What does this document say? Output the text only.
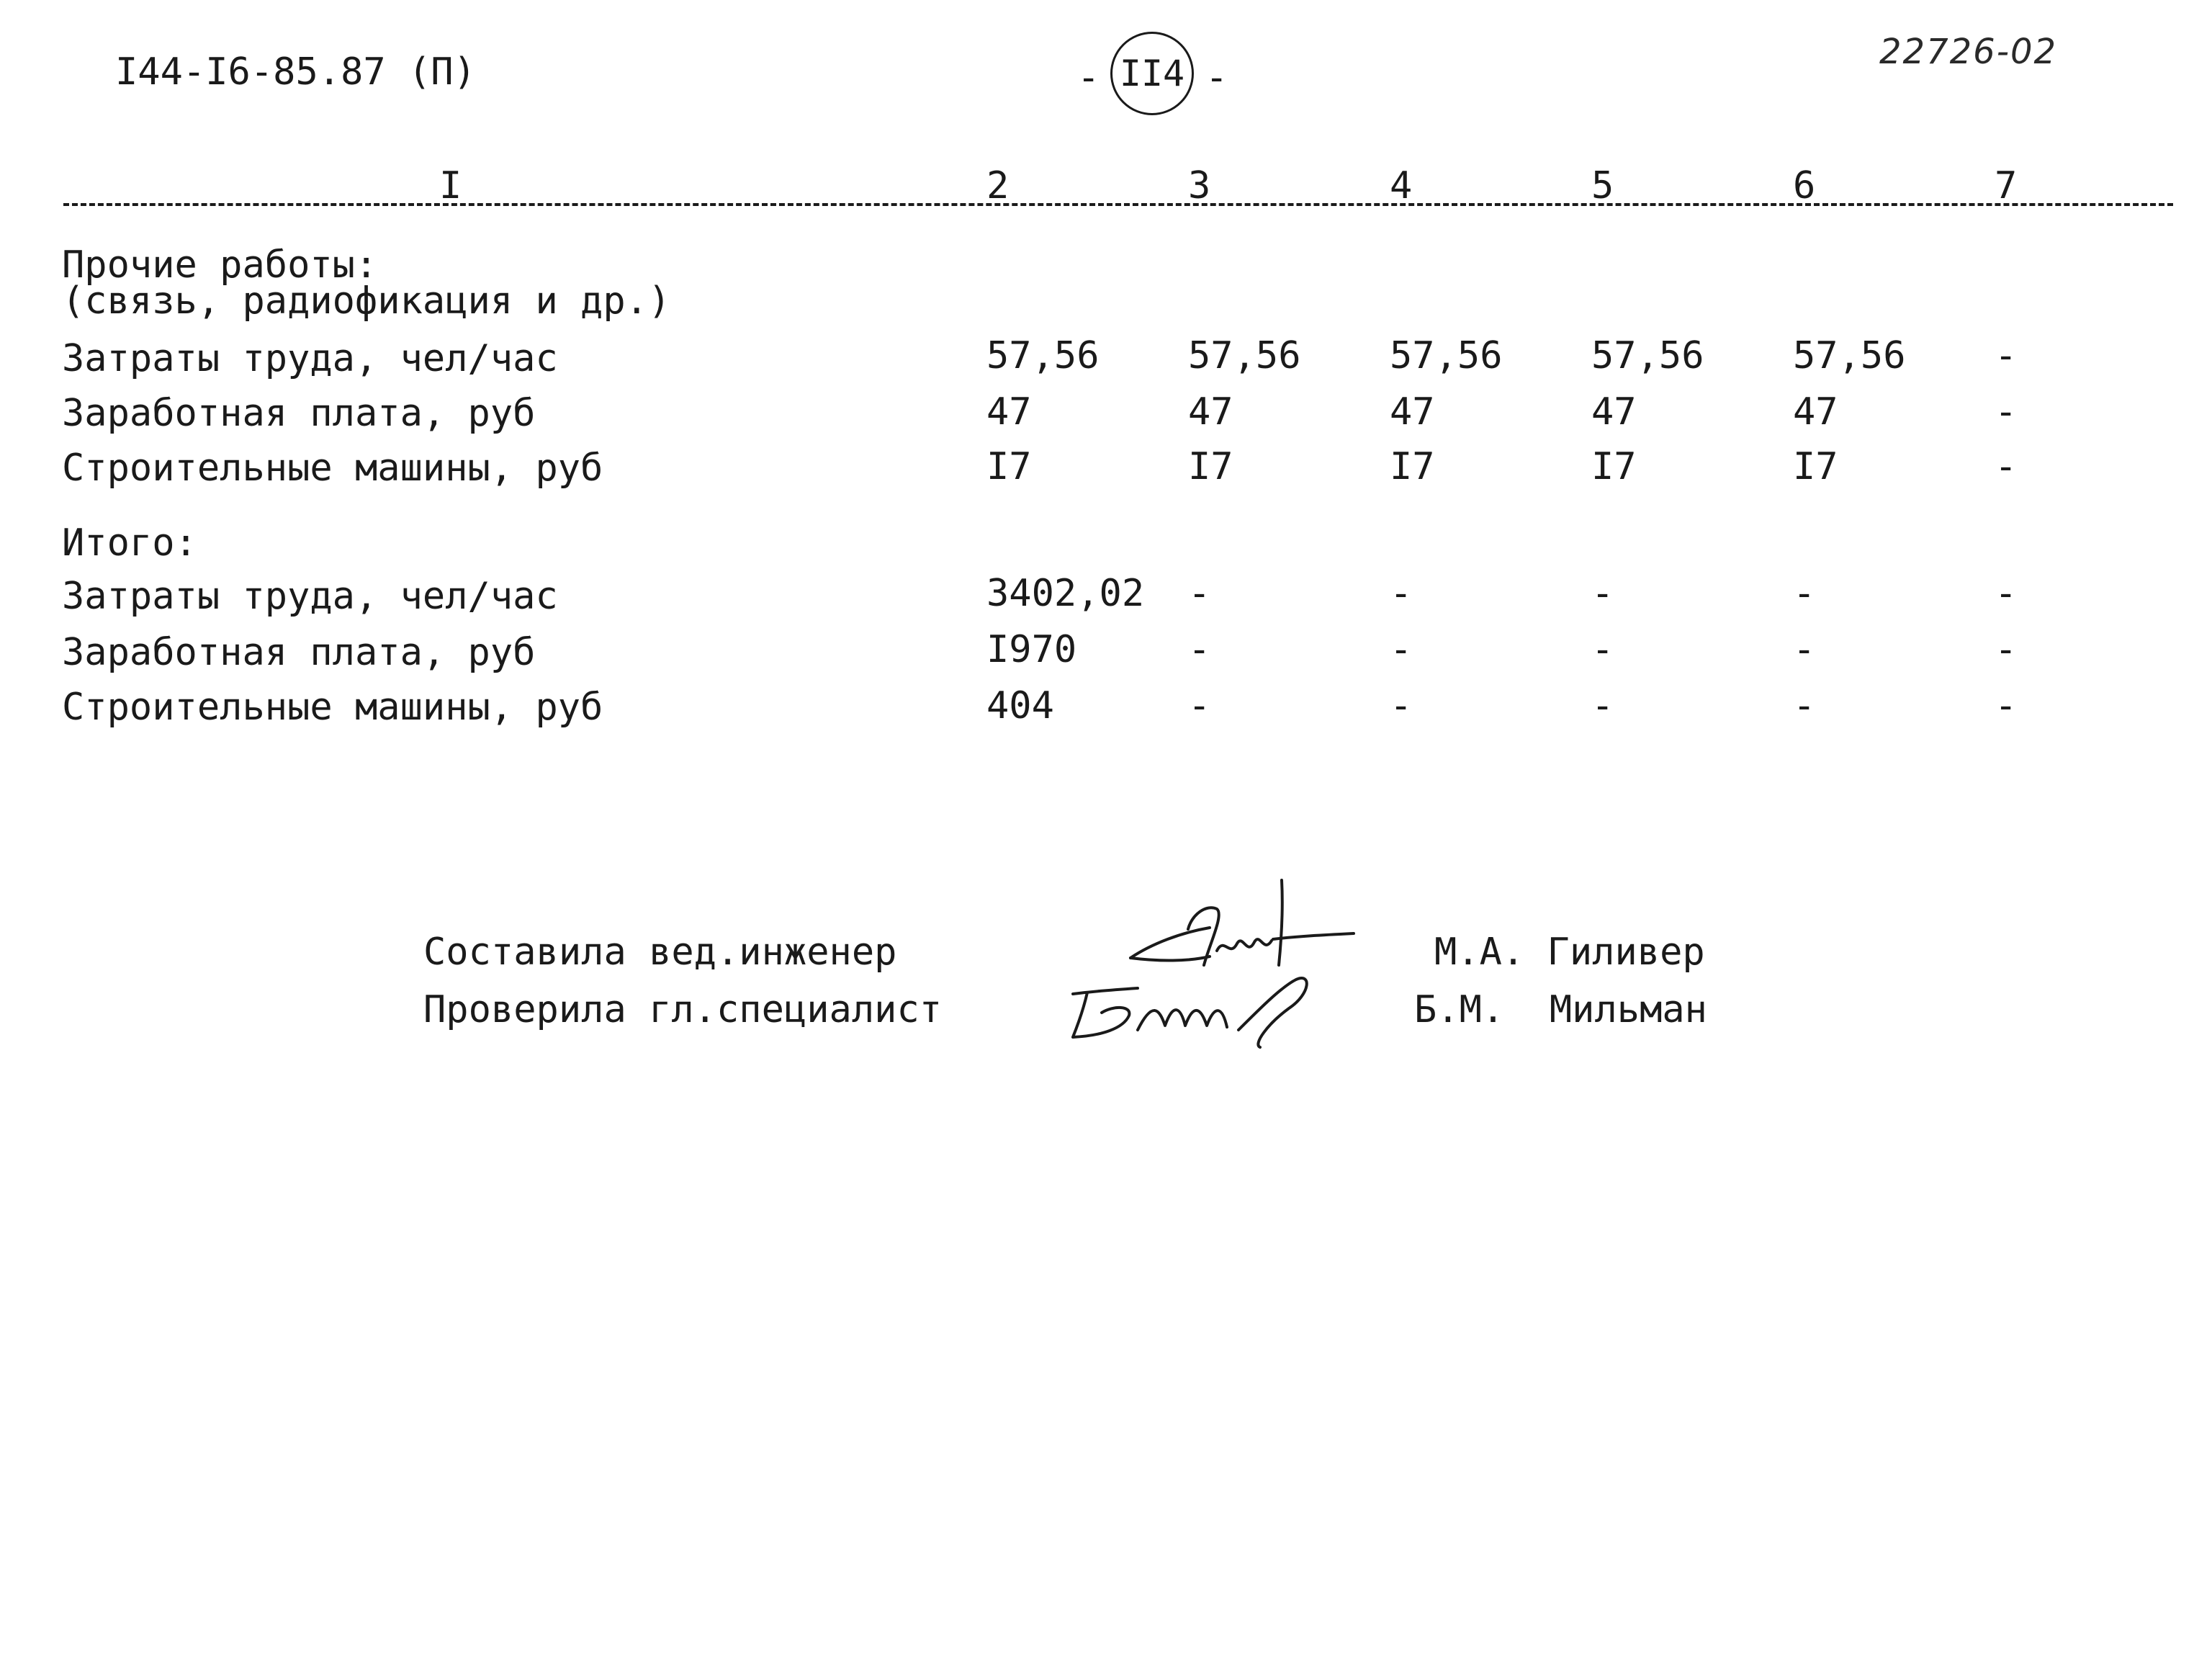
I44-I6-85.87 (П)

	-

II4

-

22726-02
I	2	3	4	5	6	7
Прочие работы:
(связь, радиофикация и др.)
Затраты труда, чел/час	57,56 57,56 57,56 57,56 57,56 -
Заработная плата, руб	47	47	47	47	47	-
Строительные машины, руб	I7	I7	I7	I7	I7	-
Итого:
Затраты труда, чел/час	3402,02 -	-	-	-	-
Заработная плата, руб	I970	-	-	-	-	-
Строительные машины, руб	404	-	-	-	-	-
Составила вед.инженер	М.А. Гиливер
Проверила гл.специалист	Б.М.  Мильман
